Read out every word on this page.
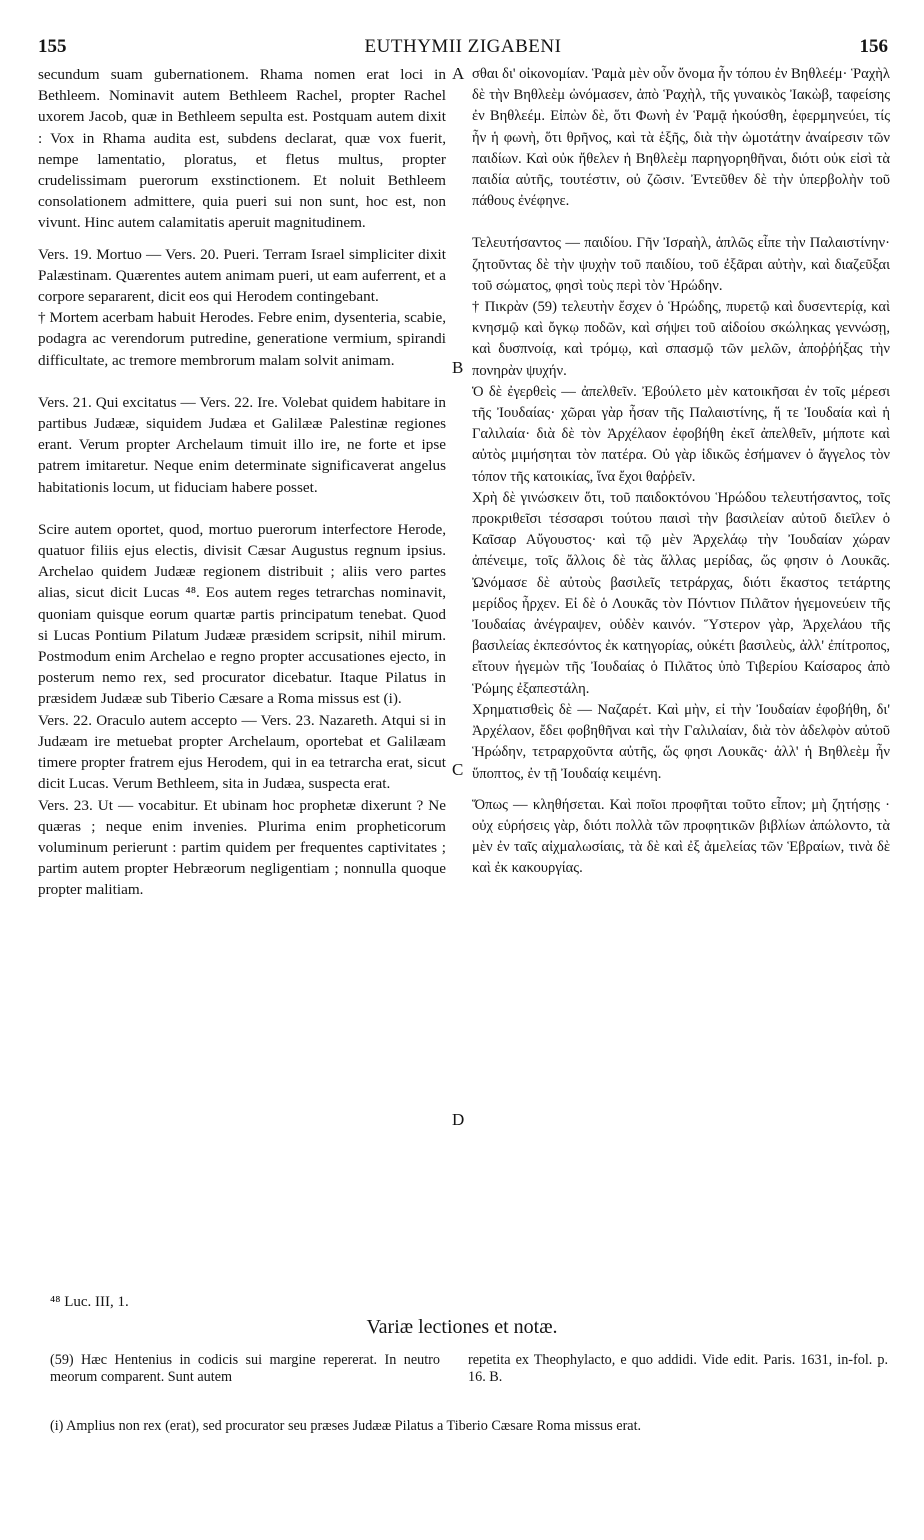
155	EUTHYMII ZIGABENI	156

secundum suam gubernationem. Rhama nomen erat loci in Bethleem. Nominavit autem Bethleem Rachel, propter Rachel uxorem Jacob, quæ in Bethleem sepulta est. Postquam autem dixit : Vox in Rhama audita est, subdens declarat, quæ vox fuerit, nempe lamentatio, ploratus, et fletus multus, propter crudelissimam puerorum exstinctionem. Et noluit Bethleem consolationem admittere, quia pueri sui non sunt, hoc est, non vivunt. Hinc autem calamitatis aperuit magnitudinem.

Vers. 19. Mortuo — Vers. 20. Pueri. Terram Israel simpliciter dixit Palæstinam. Quærentes autem animam pueri, ut eam auferrent, et a corpore separarent, dicit eos qui Herodem contingebant.

† Mortem acerbam habuit Herodes. Febre enim, dysenteria, scabie, podagra ac verendorum putredine, generatione vermium, spirandi difficultate, ac tremore membrorum malam solvit animam.

Vers. 21. Qui excitatus — Vers. 22. Ire. Volebat quidem habitare in partibus Judææ, siquidem Judæa et Galilææ Palestinæ regiones erant. Verum propter Archelaum timuit illo ire, ne forte et ipse patrem imitaretur. Neque enim determinate significaverat angelus habitationis locum, ut fiduciam habere posset.

Scire autem oportet, quod, mortuo puerorum interfectore Herode, quatuor filiis ejus electis, divisit Cæsar Augustus regnum ipsius. Archelao quidem Judææ regionem distribuit ; aliis vero partes alias, sicut dicit Lucas ⁴⁸. Eos autem reges tetrarchas nominavit, quoniam quisque eorum quartæ partis principatum tenebat. Quod si Lucas Pontium Pilatum Judææ præsidem scripsit, nihil mirum. Postmodum enim Archelao e regno propter accusationes ejecto, in posterum nemo rex, sed procurator dicebatur. Itaque Pilatus in præsidem Judææ sub Tiberio Cæsare a Roma missus est (i).

Vers. 22. Oraculo autem accepto — Vers. 23. Nazareth. Atqui si in Judæam ire metuebat propter Archelaum, oportebat et Galilæam timere propter fratrem ejus Herodem, qui in ea tetrarcha erat, sicut dicit Lucas. Verum Bethleem, sita in Judæa, suspecta erat.

Vers. 23. Ut — vocabitur. Et ubinam hoc prophetæ dixerunt ? Ne quæras ; neque enim invenies. Plurima enim propheticorum voluminum perierunt : partim quidem per frequentes captivitates ; partim autem propter Hebræorum negligentiam ; nonnulla quoque propter malitiam.

A
B
C
D

σθαι δι' οἰκονομίαν. Ῥαμὰ μὲν οὖν ὄνομα ἦν τόπου ἐν Βηθλεέμ· Ῥαχὴλ δὲ τὴν Βηθλεὲμ ὠνόμασεν, ἀπὸ Ῥαχὴλ, τῆς γυναικὸς Ἰακὼβ, ταφείσης ἐν Βηθλεέμ. Εἰπὼν δὲ, ὅτι Φωνὴ ἐν Ῥαμᾷ ἠκούσθη, ἑφερμηνεύει, τίς ἦν ἡ φωνὴ, ὅτι θρῆνος, καὶ τὰ ἑξῆς, διὰ τὴν ὠμοτάτην ἀναίρεσιν τῶν παιδίων. Καὶ οὐκ ἤθελεν ἡ Βηθλεὲμ παρηγορηθῆναι, διότι οὐκ εἰσὶ τὰ παιδία αὐτῆς, τουτέστιν, οὐ ζῶσιν. Ἐντεῦθεν δὲ τὴν ὑπερβολὴν τοῦ πάθους ἐνέφηνε.

Τελευτήσαντος — παιδίου. Γῆν Ἰσραὴλ, ἁπλῶς εἶπε τὴν Παλαιστίνην· ζητοῦντας δὲ τὴν ψυχὴν τοῦ παιδίου, τοῦ ἐξᾶραι αὐτὴν, καὶ διαζεῦξαι τοῦ σώματος, φησὶ τοὺς περὶ τὸν Ἡρώδην.

† Πικρὰν (59) τελευτὴν ἔσχεν ὁ Ἡρώδης, πυρετῷ καὶ δυσεντερίᾳ, καὶ κνησμῷ καὶ ὄγκῳ ποδῶν, καὶ σήψει τοῦ αἰδοίου σκώληκας γεννώσῃ, καὶ δυσπνοίᾳ, καὶ τρόμῳ, καὶ σπασμῷ τῶν μελῶν, ἀποῤῥήξας τὴν πονηρὰν ψυχήν.

Ὁ δὲ ἐγερθεὶς — ἀπελθεῖν. Ἐβούλετο μὲν κατοικῆσαι ἐν τοῖς μέρεσι τῆς Ἰουδαίας· χῶραι γὰρ ἦσαν τῆς Παλαιστίνης, ἥ τε Ἰουδαία καὶ ἡ Γαλιλαία· διὰ δὲ τὸν Ἀρχέλαον ἐφοβήθη ἐκεῖ ἀπελθεῖν, μήποτε καὶ αὐτὸς μιμήσηται τὸν πατέρα. Οὐ γὰρ ἰδικῶς ἐσήμανεν ὁ ἄγγελος τὸν τόπον τῆς κατοικίας, ἵνα ἔχοι θαῤῥεῖν.

Χρὴ δὲ γινώσκειν ὅτι, τοῦ παιδοκτόνου Ἡρώδου τελευτήσαντος, τοῖς προκριθεῖσι τέσσαρσι τούτου παισὶ τὴν βασιλείαν αὐτοῦ διεῖλεν ὁ Καῖσαρ Αὔγουστος· καὶ τῷ μὲν Ἀρχελάῳ τὴν Ἰουδαίαν χώραν ἀπένειμε, τοῖς ἄλλοις δὲ τὰς ἄλλας μερίδας, ὥς φησιν ὁ Λουκᾶς. Ὠνόμασε δὲ αὐτοὺς βασιλεῖς τετράρχας, διότι ἕκαστος τετάρτης μερίδος ἦρχεν. Εἰ δὲ ὁ Λουκᾶς τὸν Πόντιον Πιλᾶτον ἡγεμονεύειν τῆς Ἰουδαίας ἀνέγραψεν, οὐδὲν καινόν. Ὕστερον γὰρ, Ἀρχελάου τῆς βασιλείας ἐκπεσόντος ἐκ κατηγορίας, οὐκέτι βασιλεὺς, ἀλλ' ἐπίτροπος, εἴτουν ἡγεμὼν τῆς Ἰουδαίας ὁ Πιλᾶτος ὑπὸ Τιβερίου Καίσαρος ἀπὸ Ῥώμης ἐξαπεστάλη.

Χρηματισθεὶς δὲ — Ναζαρέτ. Καὶ μὴν, εἰ τὴν Ἰουδαίαν ἐφοβήθη, δι' Ἀρχέλαον, ἔδει φοβηθῆναι καὶ τὴν Γαλιλαίαν, διὰ τὸν ἀδελφὸν αὐτοῦ Ἡρώδην, τετραρχοῦντα αὐτῆς, ὥς φησι Λουκᾶς· ἀλλ' ἡ Βηθλεὲμ ἦν ὕποπτος, ἐν τῇ Ἰουδαίᾳ κειμένη.

Ὅπως — κληθήσεται. Καὶ ποῖοι προφῆται τοῦτο εἶπον; μὴ ζητήσῃς · οὐχ εὑρήσεις γὰρ, διότι πολλὰ τῶν προφητικῶν βιβλίων ἀπώλοντο, τὰ μὲν ἐν ταῖς αἰχμαλωσίαις, τὰ δὲ καὶ ἐξ ἀμελείας τῶν Ἑβραίων, τινὰ δὲ καὶ ἐκ κακουργίας.

⁴⁸ Luc. III, 1.
Variæ lectiones et notæ.
(59) Hæc Hentenius in codicis sui margine repererat. In neutro meorum comparent. Sunt autem
repetita ex Theophylacto, e quo addidi. Vide edit. Paris. 1631, in-fol. p. 16. B.
(i) Amplius non rex (erat), sed procurator seu præses Judææ Pilatus a Tiberio Cæsare Roma missus erat.
